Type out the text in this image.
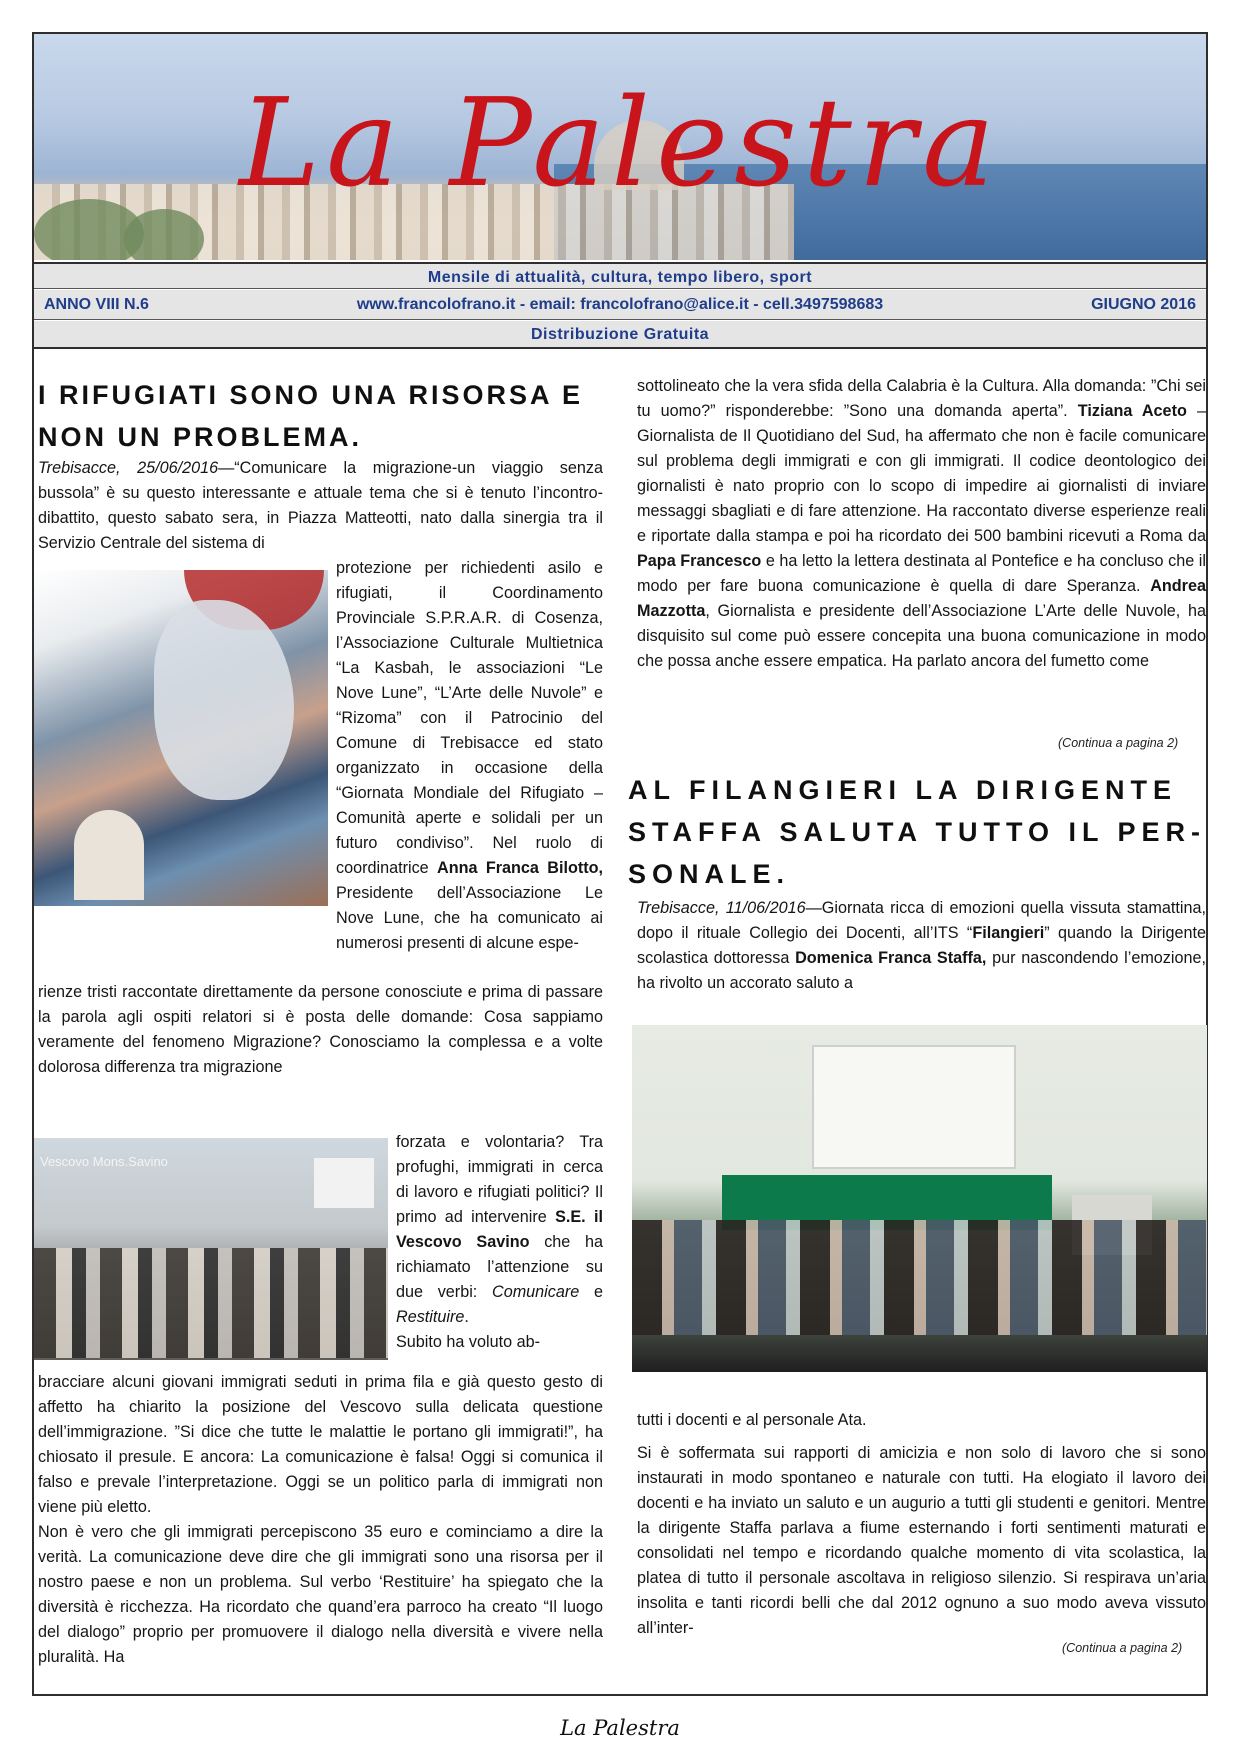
La Palestra
Mensile di attualità, cultura, tempo libero, sport
ANNO VIII N.6	www.francolofrano.it - email: francolofrano@alice.it - cell.3497598683	GIUGNO 2016
Distribuzione Gratuita
I RIFUGIATI SONO UNA RISORSA E
NON UN PROBLEMA.

Trebisacce, 25/06/2016—“Comunicare la migrazione-un viaggio senza bussola” è su questo interessante e attuale tema che si è tenuto l’incontro-dibattito, questo sabato sera, in Piazza Matteotti, nato dalla sinergia tra il Servizio Centrale del sistema di

protezione per richiedenti asilo e rifugiati, il Coordinamento Provinciale S.P.R.A.R. di Cosenza, l’Associazione Culturale Multietnica “La Kasbah, le associazioni “Le Nove Lune”, “L’Arte delle Nuvole” e “Rizoma” con il Patrocinio del Comune di Trebisacce ed stato organizzato in occasione della “Giornata Mondiale del Rifugiato – Comunità aperte e solidali per un futuro condiviso”. Nel ruolo di coordinatrice Anna Franca Bilotto, Presidente dell’Associazione Le Nove Lune, che ha comunicato ai numerosi presenti di alcune espe-

rienze tristi raccontate direttamente da persone conosciute e prima di passare la parola agli ospiti relatori si è posta delle domande: Cosa sappiamo veramente del fenomeno Migrazione? Conosciamo la complessa e a volte dolorosa differenza tra migrazione

Vescovo Mons.Savino

forzata e volontaria? Tra profughi, immigrati in cerca di lavoro e rifugiati politici? Il primo ad intervenire S.E. il Vescovo Savino che ha richiamato l’attenzione su due verbi: Comunicare e Restituire.

Subito ha voluto ab-

bracciare alcuni giovani immigrati seduti in prima fila e già questo gesto di affetto ha chiarito la posizione del Vescovo sulla delicata questione dell’immigrazione. ”Si dice che tutte le malattie le portano gli immigrati!”, ha chiosato il presule. E ancora: La comunicazione è falsa! Oggi si comunica il falso e prevale l’interpretazione. Oggi se un politico parla di immigrati non viene più eletto.

Non è vero che gli immigrati percepiscono 35 euro e cominciamo a dire la verità. La comunicazione deve dire che gli immigrati sono una risorsa per il nostro paese e non un problema. Sul verbo ‘Restituire’ ha spiegato che la diversità è ricchezza. Ha ricordato che quand’era parroco ha creato “Il luogo del dialogo” proprio per promuovere il dialogo nella diversità e vivere nella pluralità. Ha

sottolineato che la vera sfida della Calabria è la Cultura. Alla domanda: ”Chi sei tu uomo?” risponderebbe: ”Sono una domanda aperta”. Tiziana Aceto – Giornalista de Il Quotidiano del Sud, ha affermato che non è facile comunicare sul problema degli immigrati e con gli immigrati. Il codice deontologico dei giornalisti è nato proprio con lo scopo di impedire ai giornalisti di inviare messaggi sbagliati e di fare attenzione. Ha raccontato diverse esperienze reali e riportate dalla stampa e poi ha ricordato dei 500 bambini ricevuti a Roma da Papa Francesco e ha letto la lettera destinata al Pontefice e ha concluso che il modo per fare buona comunicazione è quella di dare Speranza. Andrea Mazzotta, Giornalista e presidente dell’Associazione L’Arte delle Nuvole, ha disquisito sul come può essere concepita una buona comunicazione in modo che possa anche essere empatica. Ha parlato ancora del fumetto come

(Continua a pagina 2)
AL FILANGIERI LA DIRIGENTE
STAFFA SALUTA TUTTO IL PER-
SONALE.

Trebisacce, 11/06/2016—Giornata ricca di emozioni quella vissuta stamattina, dopo il rituale Collegio dei Docenti, all’ITS “Filangieri” quando la Dirigente scolastica dottoressa Domenica Franca Staffa, pur nascondendo l’emozione, ha rivolto un accorato saluto a

tutti i docenti e al personale Ata.

Si è soffermata sui rapporti di amicizia e non solo di lavoro che si sono instaurati in modo spontaneo e naturale con tutti. Ha elogiato il lavoro dei docenti e ha inviato un saluto e un augurio a tutti gli studenti e genitori. Mentre la dirigente Staffa parlava a fiume esternando i forti sentimenti maturati e consolidati nel tempo e ricordando qualche momento di vita scolastica, la platea di tutto il personale ascoltava in religioso silenzio. Si respirava un’aria insolita e tanti ricordi belli che dal 2012 ognuno a suo modo aveva vissuto all’inter-

(Continua a pagina 2)
La Palestra
